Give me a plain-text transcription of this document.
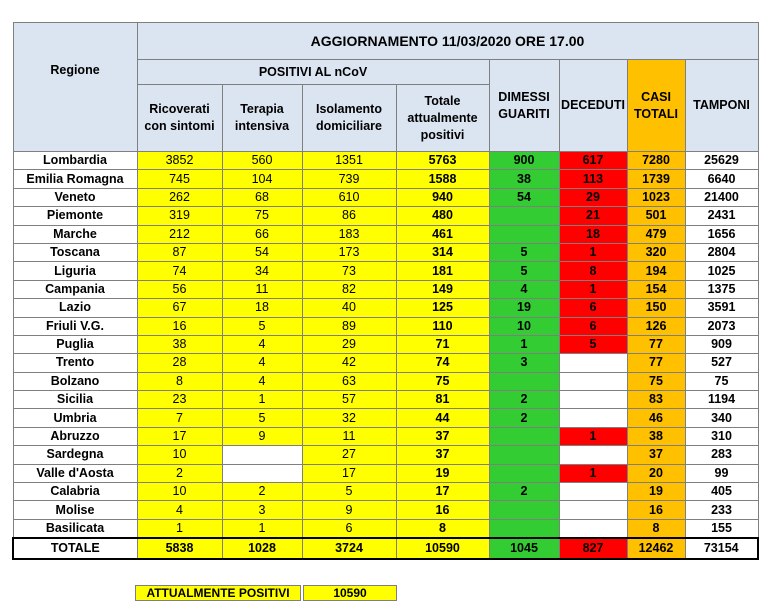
Regione	AGGIORNAMENTO 11/03/2020 ORE 17.00							
	POSITIVI AL nCoV				DIMESSI GUARITI	DECEDUTI	CASI TOTALI	TAMPONI
	Ricoverati con sintomi	Terapia intensiva	Isolamento domiciliare	Totale attualmente positivi				
Lombardia	3852	560	1351	5763	900	617	7280	25629
Emilia Romagna	745	104	739	1588	38	113	1739	6640
Veneto	262	68	610	940	54	29	1023	21400
Piemonte	319	75	86	480		21	501	2431
Marche	212	66	183	461		18	479	1656
Toscana	87	54	173	314	5	1	320	2804
Liguria	74	34	73	181	5	8	194	1025
Campania	56	11	82	149	4	1	154	1375
Lazio	67	18	40	125	19	6	150	3591
Friuli V.G.	16	5	89	110	10	6	126	2073
Puglia	38	4	29	71	1	5	77	909
Trento	28	4	42	74	3		77	527
Bolzano	8	4	63	75			75	75
Sicilia	23	1	57	81	2		83	1194
Umbria	7	5	32	44	2		46	340
Abruzzo	17	9	11	37		1	38	310
Sardegna	10		27	37			37	283
Valle d'Aosta	2		17	19		1	20	99
Calabria	10	2	5	17	2		19	405
Molise	4	3	9	16			16	233
Basilicata	1	1	6	8			8	155
TOTALE	5838	1028	3724	10590	1045	827	12462	73154
ATTUALMENTE POSITIVI	10590
